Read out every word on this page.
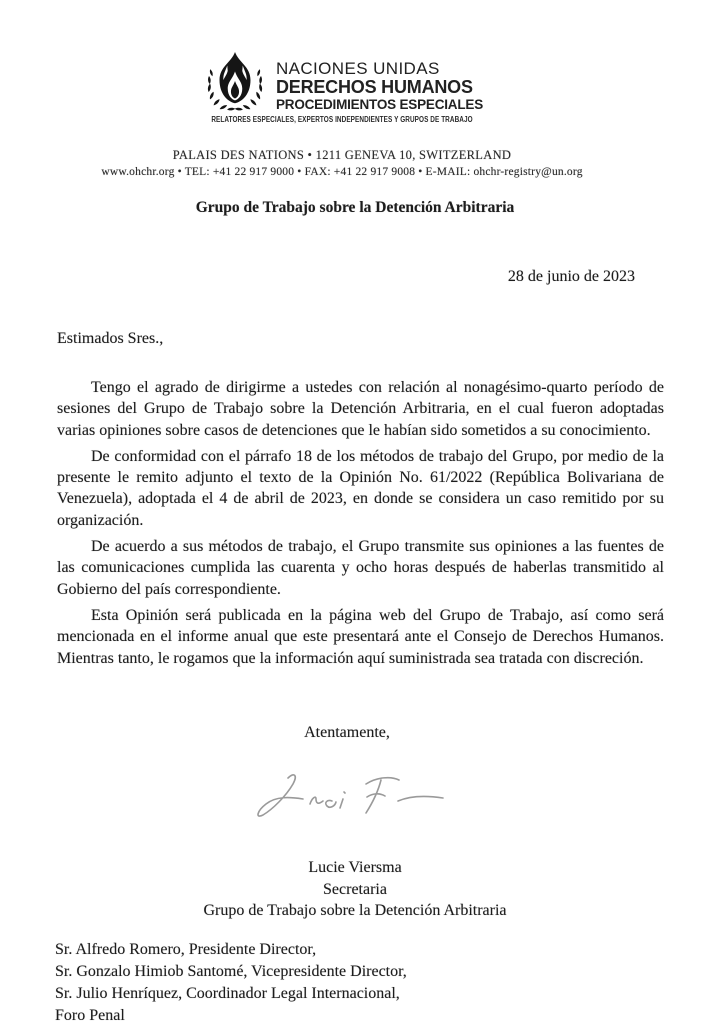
NACIONES UNIDAS
DERECHOS HUMANOS
PROCEDIMIENTOS ESPECIALES
RELATORES ESPECIALES, EXPERTOS INDEPENDIENTES Y GRUPOS DE TRABAJO
PALAIS DES NATIONS • 1211 GENEVA 10, SWITZERLAND
www.ohchr.org • TEL: +41 22 917 9000 • FAX: +41 22 917 9008 • E-MAIL: ohchr-registry@un.org
Grupo de Trabajo sobre la Detención Arbitraria
28 de junio de 2023
Estimados Sres.,

Tengo el agrado de dirigirme a ustedes con relación al nonagésimo-quarto período de sesiones del Grupo de Trabajo sobre la Detención Arbitraria, en el cual fueron adoptadas varias opiniones sobre casos de detenciones que le habían sido sometidos a su conocimiento.

De conformidad con el párrafo 18 de los métodos de trabajo del Grupo, por medio de la presente le remito adjunto el texto de la Opinión No. 61/2022 (República Bolivariana de Venezuela), adoptada el 4 de abril de 2023, en donde se considera un caso remitido por su organización.

De acuerdo a sus métodos de trabajo, el Grupo transmite sus opiniones a las fuentes de las comunicaciones cumplida las cuarenta y ocho horas después de haberlas transmitido al Gobierno del país correspondiente.

Esta Opinión será publicada en la página web del Grupo de Trabajo, así como será mencionada en el informe anual que este presentará ante el Consejo de Derechos Humanos. Mientras tanto, le rogamos que la información aquí suministrada sea tratada con discreción.

Atentamente,
Lucie Viersma
Secretaria
Grupo de Trabajo sobre la Detención Arbitraria
Sr. Alfredo Romero, Presidente Director,
Sr. Gonzalo Himiob Santomé, Vicepresidente Director,
Sr. Julio Henríquez, Coordinador Legal Internacional,
Foro Penal
